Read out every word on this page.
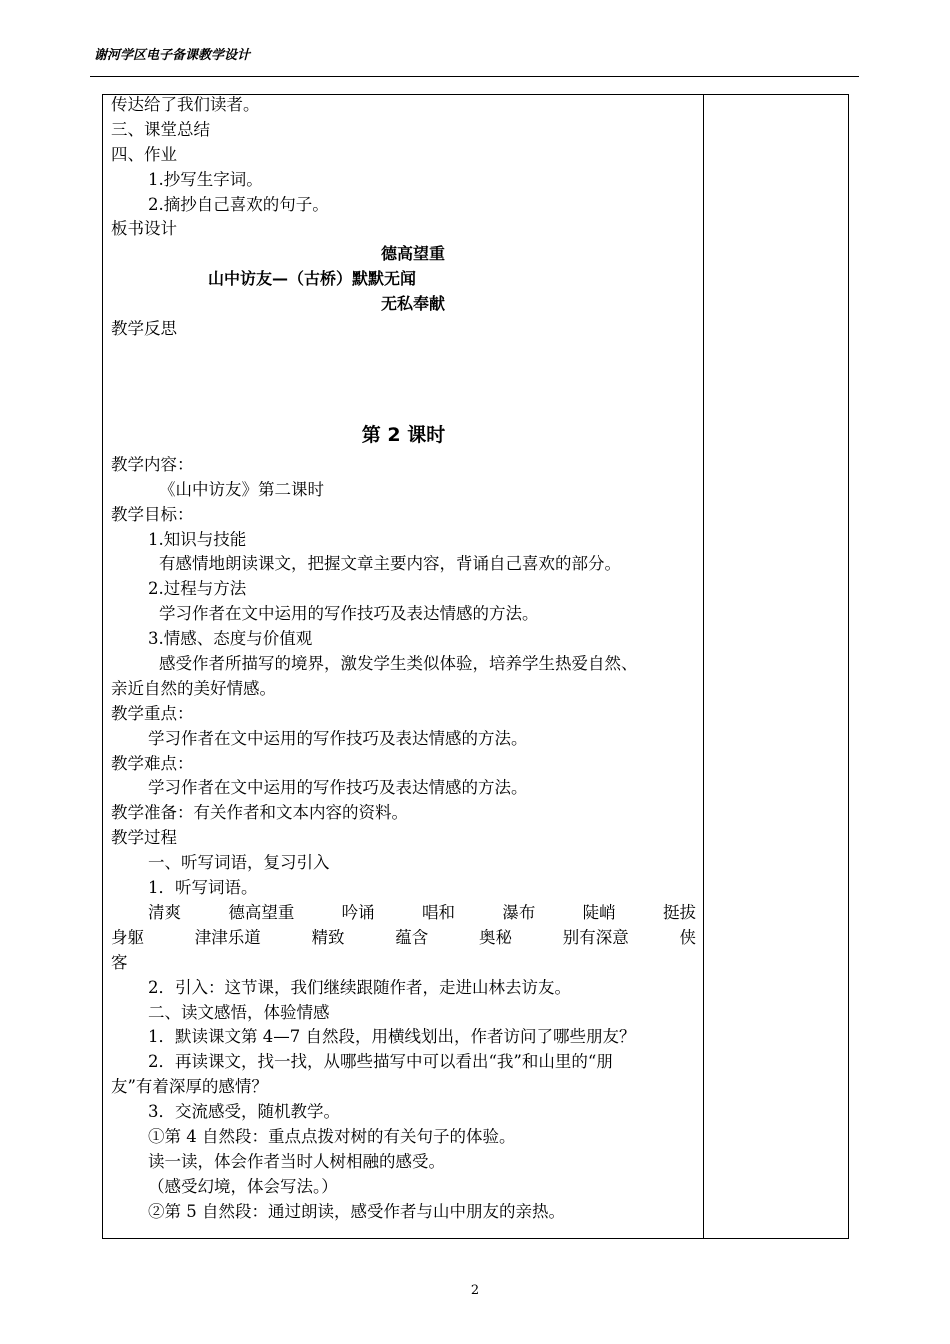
谢河学区电子备课教学设计
传达给了我们读者。
三、课堂总结
四、作业
1.抄写生字词。
2.摘抄自己喜欢的句子。
板书设计
德高望重
山中访友—（古桥）默默无闻
无私奉献
教学反思
第 2 课时
教学内容：
《山中访友》第二课时
教学目标：
1.知识与技能
有感情地朗读课文，把握文章主要内容，背诵自己喜欢的部分。
2.过程与方法
学习作者在文中运用的写作技巧及表达情感的方法。
3.情感、态度与价值观
感受作者所描写的境界，激发学生类似体验，培养学生热爱自然、
亲近自然的美好情感。
教学重点：
学习作者在文中运用的写作技巧及表达情感的方法。
教学难点：
学习作者在文中运用的写作技巧及表达情感的方法。
教学准备：有关作者和文本内容的资料。
教学过程
一、听写词语，复习引入
1．听写词语。
清爽	德高望重	吟诵	唱和	瀑布	陡峭	挺拔
身躯	津津乐道	精致	蕴含	奥秘	别有深意	侠
客
2．引入：这节课，我们继续跟随作者，走进山林去访友。
二、读文感悟，体验情感
1．默读课文第 4—7 自然段，用横线划出，作者访问了哪些朋友？
2．再读课文，找一找，从哪些描写中可以看出“我”和山里的“朋
友”有着深厚的感情？
3．交流感受，随机教学。
①第 4 自然段：重点点拨对树的有关句子的体验。
读一读，体会作者当时人树相融的感受。
（感受幻境，体会写法。）
②第 5 自然段：通过朗读，感受作者与山中朋友的亲热。
2
